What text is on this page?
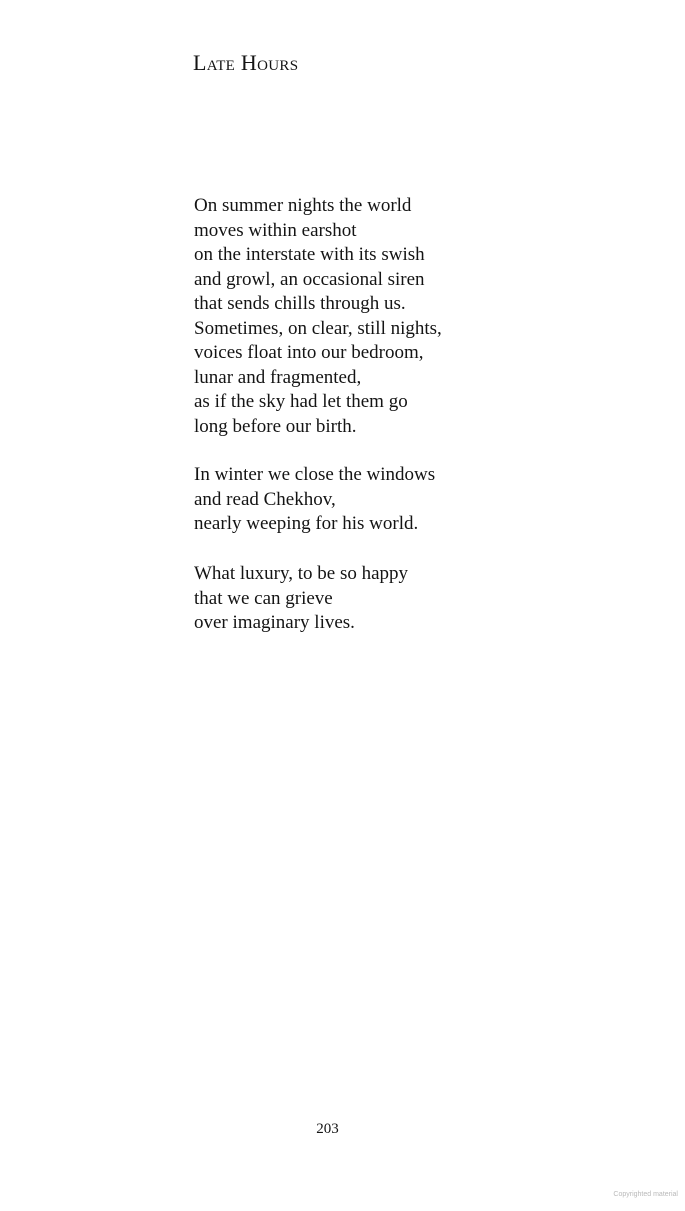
Late Hours
On summer nights the world
moves within earshot
on the interstate with its swish
and growl, an occasional siren
that sends chills through us.
Sometimes, on clear, still nights,
voices float into our bedroom,
lunar and fragmented,
as if the sky had let them go
long before our birth.
In winter we close the windows
and read Chekhov,
nearly weeping for his world.
What luxury, to be so happy
that we can grieve
over imaginary lives.
203
Copyrighted material
